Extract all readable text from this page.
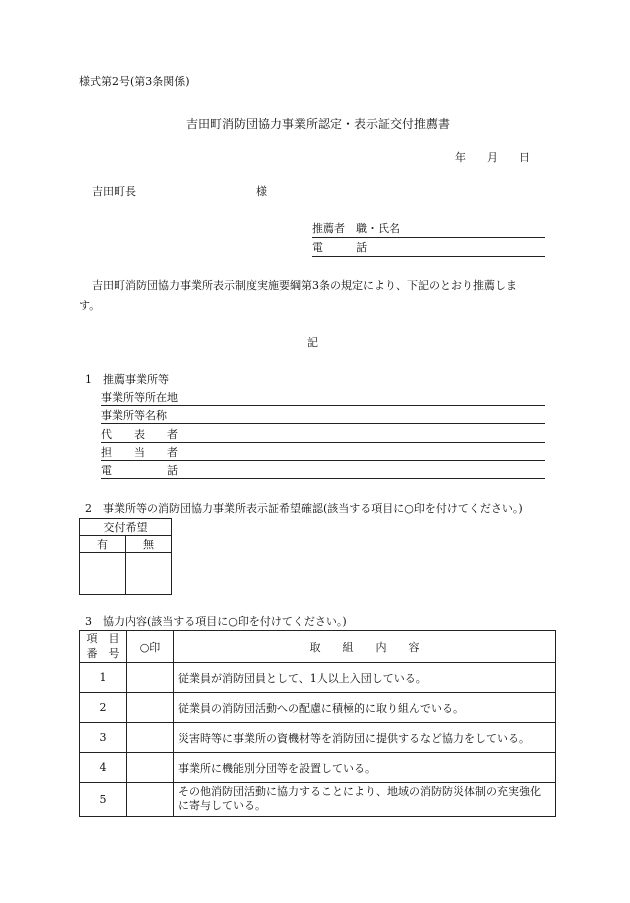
様式第2号(第3条関係)
吉田町消防団協力事業所認定・表示証交付推薦書
年 月 日
吉田町長	様
推薦者　職・氏名
電　　　話
吉田町消防団協力事業所表示制度実施要綱第3条の規定により、下記のとおり推薦しま
す。
記
1　推薦事業所等
事業所等所在地
事業所等名称
代　　表　　者
担　　当　　者
電　　　　　話
2　事業所等の消防団協力事業所表示証希望確認(該当する項目に○印を付けてください。)
交付希望	
有	無

3　協力内容(該当する項目に○印を付けてください。)
項　目
番　号	○印	取　　組　　内　　容
1		従業員が消防団員として、1人以上入団している。
2		従業員の消防団活動への配慮に積極的に取り組んでいる。
3		災害時等に事業所の資機材等を消防団に提供するなど協力をしている。
4		事業所に機能別分団等を設置している。
5		その他消防団活動に協力することにより、地域の消防防災体制の充実強化に寄与している。
